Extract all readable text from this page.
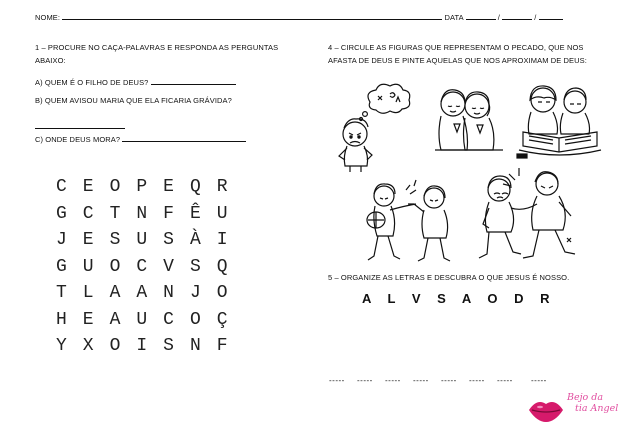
NOME:	DATA	/	/
1 – PROCURE NO CAÇA-PALAVRAS E RESPONDA AS PERGUNTAS
ABAIXO:
A) QUEM É O FILHO DE DEUS?
B) QUEM AVISOU MARIA QUE ELA FICARIA GRÁVIDA?
C) ONDE DEUS MORA?
C E O P E Q R
G C T N F Ê U
J E S U S À I
G U O C V S Q
T L A A N J O
H E A U C O Ç
Y X O I S N F
4 – CIRCULE AS FIGURAS QUE REPRESENTAM O PECADO, QUE NOS
AFASTA DE DEUS E PINTE AQUELAS QUE NOS APROXIMAM DE DEUS:
5 – ORGANIZE AS LETRAS E DESCUBRA O QUE JESUS É NOSSO.
A L V S A O D R
----- ----- ----- ----- ----- ----- ----- -----
Bejo da
tia Angel
